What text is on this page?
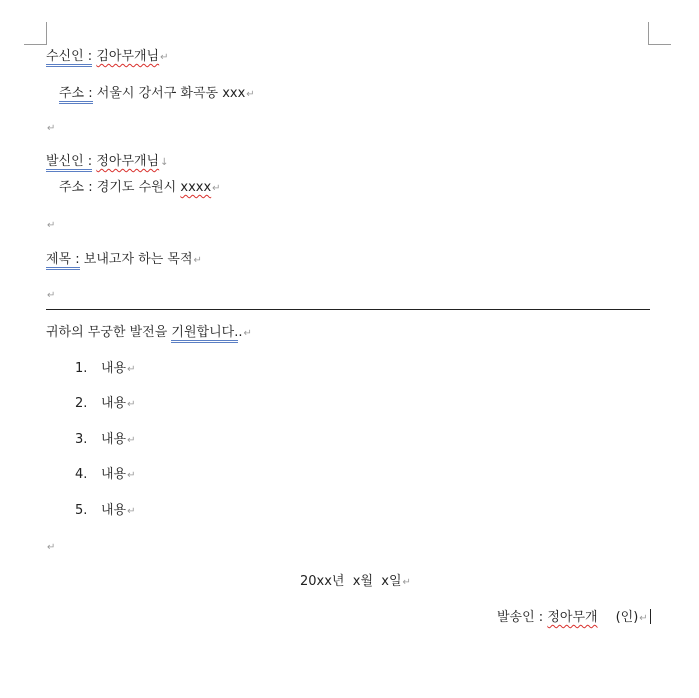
수신인 : 김아무개님↵
주소 : 서울시 강서구 화곡동 xxx↵
↵
발신인 : 정아무개님↓
주소 : 경기도 수원시 xxxx↵
↵
제목 : 보내고자 하는 목적↵
↵
귀하의 무궁한 발전을 기원합니다..↵
1. 내용↵
2. 내용↵
3. 내용↵
4. 내용↵
5. 내용↵
↵
20xx년  x월  x일↵
발송인 : 정아무개 (인)↵
